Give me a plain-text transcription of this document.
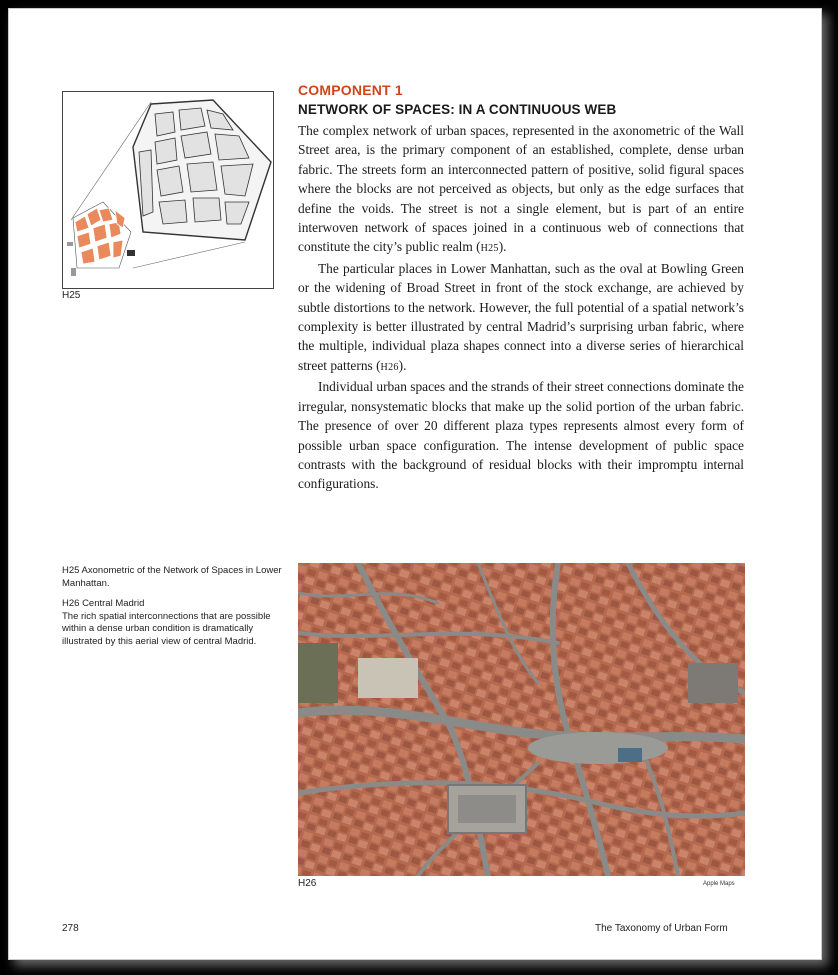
H25
COMPONENT 1
NETWORK OF SPACES: IN A CONTINUOUS WEB

The complex network of urban spaces, represented in the axonometric of the Wall Street area, is the primary component of an established, complete, dense urban fabric. The streets form an interconnected pattern of positive, solid figural spaces where the blocks are not perceived as objects, but only as the edge surfaces that define the voids. The street is not a single element, but is part of an entire interwoven network of spaces joined in a continuous web of connections that constitute the city’s public realm (H25).

The particular places in Lower Manhattan, such as the oval at Bowling Green or the widening of Broad Street in front of the stock exchange, are achieved by subtle distortions to the network. However, the full potential of a spatial network’s complexity is better illustrated by central Madrid’s surprising urban fabric, where the multiple, individual plaza shapes connect into a diverse series of hierarchical street patterns (H26).

Individual urban spaces and the strands of their street connections dominate the irregular, nonsystematic blocks that make up the solid portion of the urban fabric. The presence of over 20 different plaza types represents almost every form of possible urban space configuration. The intense development of public space contrasts with the background of residual blocks with their impromptu internal configurations.

H25 Axonometric of the Network of Spaces in Lower Manhattan.

H26 Central Madrid
The rich spatial interconnections that are possible within a dense urban condition is dramatically illustrated by this aerial view of central Madrid.

H26	Apple Maps
278	The Taxonomy of Urban Form
